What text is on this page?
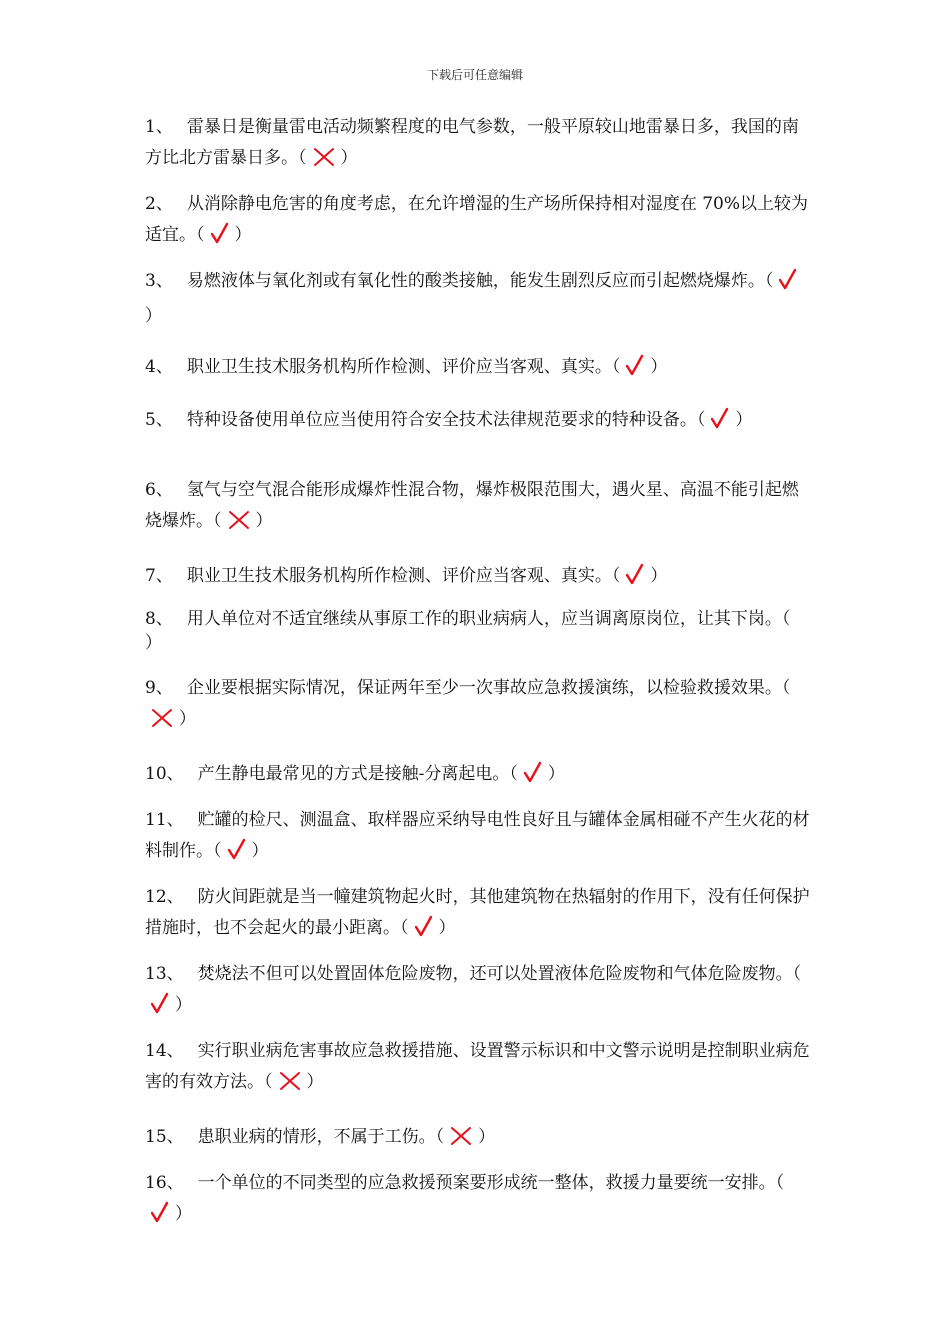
下载后可任意编辑
1、 雷暴日是衡量雷电活动频繁程度的电气参数，一般平原较山地雷暴日多，我国的南方比北方雷暴日多。（ ）
2、 从消除静电危害的角度考虑，在允许增湿的生产场所保持相对湿度在 70%以上较为适宜。（ ）
3、 易燃液体与氧化剂或有氧化性的酸类接触，能发生剧烈反应而引起燃烧爆炸。（）
4、 职业卫生技术服务机构所作检测、评价应当客观、真实。（ ）
5、 特种设备使用单位应当使用符合安全技术法律规范要求的特种设备。（ ）
6、 氢气与空气混合能形成爆炸性混合物，爆炸极限范围大，遇火星、高温不能引起燃烧爆炸。（ ）
7、 职业卫生技术服务机构所作检测、评价应当客观、真实。（ ）
8、 用人单位对不适宜继续从事原工作的职业病病人，应当调离原岗位，让其下岗。（）
9、 企业要根据实际情况，保证两年至少一次事故应急救援演练，以检验救援效果。（）
10、 产生静电最常见的方式是接触-分离起电。（ ）
11、 贮罐的检尺、测温盒、取样器应采纳导电性良好且与罐体金属相碰不产生火花的材料制作。（ ）
12、 防火间距就是当一幢建筑物起火时，其他建筑物在热辐射的作用下，没有任何保护措施时，也不会起火的最小距离。（ ）
13、 焚烧法不但可以处置固体危险废物，还可以处置液体危险废物和气体危险废物。（）
14、 实行职业病危害事故应急救援措施、设置警示标识和中文警示说明是控制职业病危害的有效方法。（ ）
15、 患职业病的情形，不属于工伤。（ ）
16、 一个单位的不同类型的应急救援预案要形成统一整体，救援力量要统一安排。（）
